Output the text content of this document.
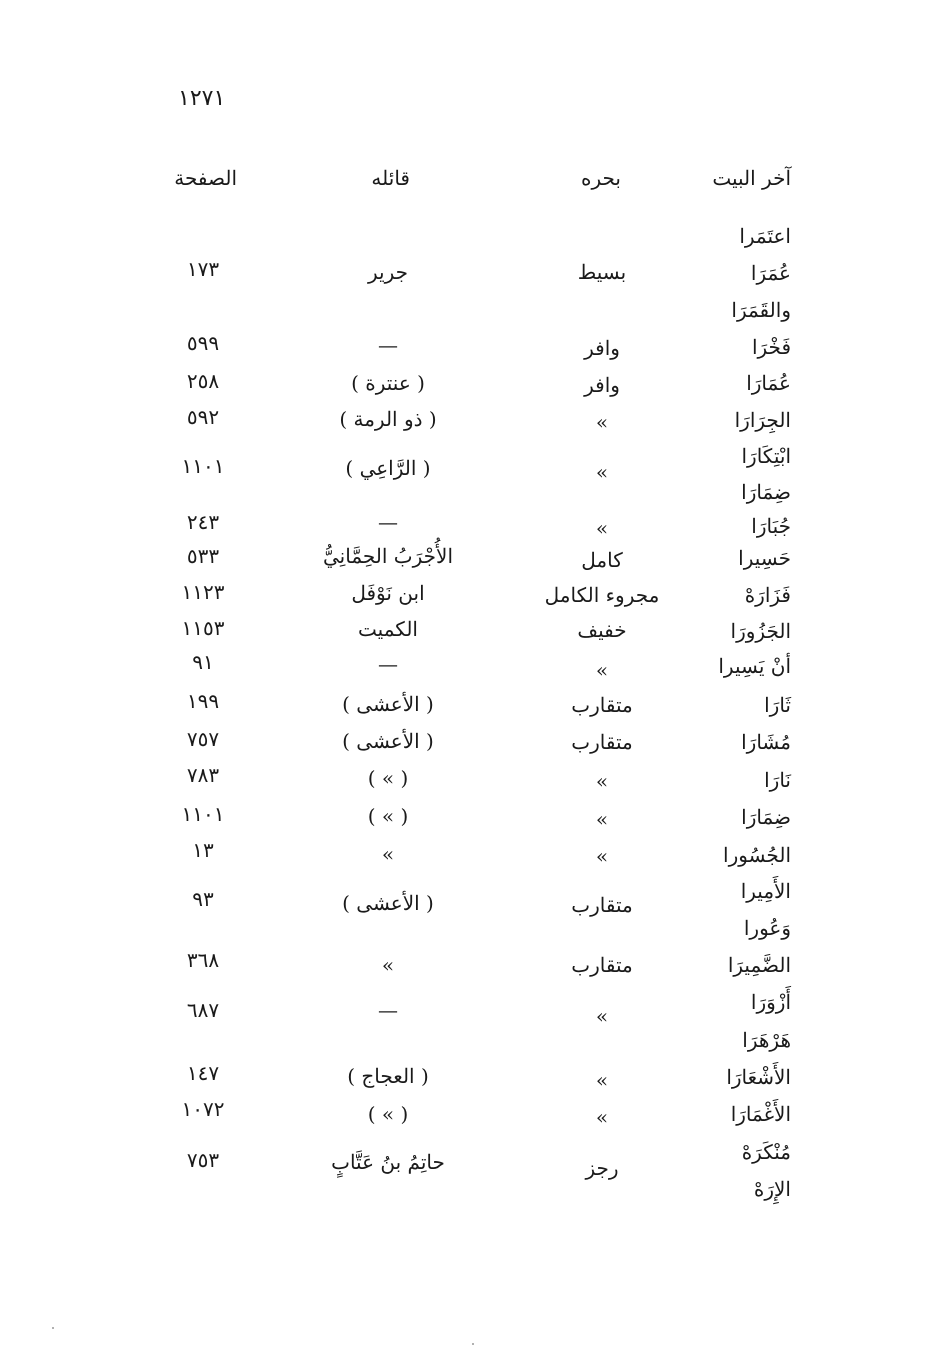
١٢٧١
آخر البيت
بحره
قائله
الصفحة
اعتَمَرا
عُمَرَا
والقَمَرَا
فَخْرَا
عُمَارَا
الجِرَارَا
ابْتِكَارَا
ضِمَارَا
جُبَارَا
حَسِيرا
فَزَارَهْ
الجَزُورَا
أنْ يَسِيرا
ثَارَا
مُشَارَا
نَارَا
ضِمَارَا
الجُسُورا
الأَمِيرا
وَعُورا
الضَّمِيرَا
أَزْوَرَا
هَرْهَرَا
الأَشْعَارَا
الأَغْمَارَا
مُنْكَرَهْ
الإِرَهْ
بسيط
جرير
١٧٣
وافر
—
٥٩٩
وافر
( عنترة )
٢٥٨
»
( ذو الرمة )
٥٩٢
»
( الرَّاعِي )
١١٠١
»
—
٢٤٣
كامل
الأُجْرَبُ الحِمَّانِيُّ
٥٣٣
مجروء الكامل
ابن نَوْفَل
١١٢٣
خفيف
الكميت
١١٥٣
»
—
٩١
متقارب
( الأعشى )
١٩٩
متقارب
( الأعشى )
٧٥٧
»
( » )
٧٨٣
»
( » )
١١٠١
»
»
١٣
متقارب
( الأعشى )
٩٣
متقارب
»
٣٦٨
»
—
٦٨٧
»
( العجاج )
١٤٧
»
( » )
١٠٧٢
رجز
حاتِمُ بنُ عَتَّابٍ
٧٥٣
